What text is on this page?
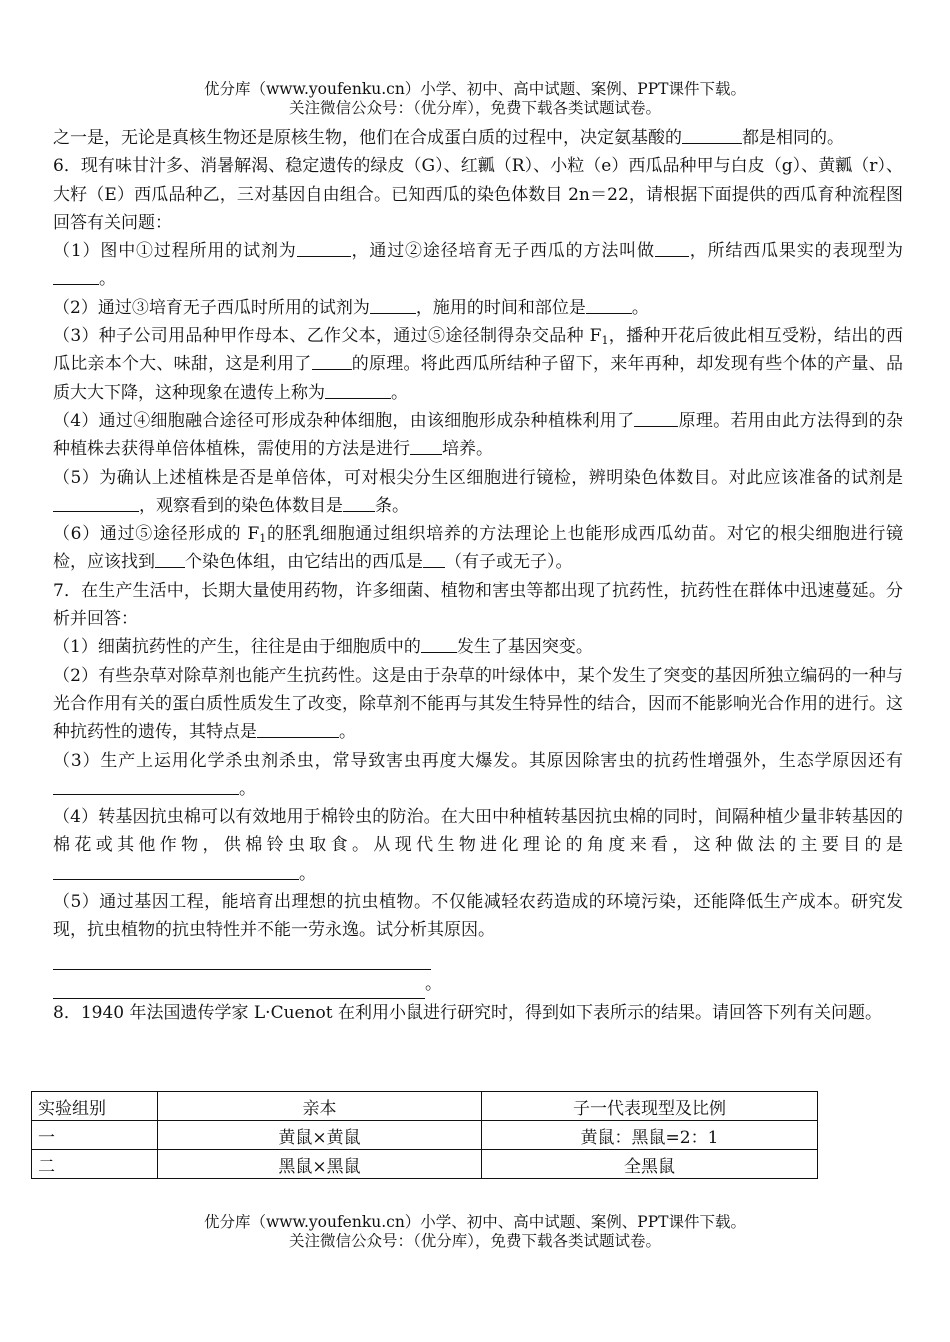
优分库（www.youfenku.cn）小学、初中、高中试题、案例、PPT课件下载。
关注微信公众号：（优分库），免费下载各类试题试卷。

之一是，无论是真核生物还是原核生物，他们在合成蛋白质的过程中，决定氨基酸的	都是相同的。

6．现有味甘汁多、消暑解渴、稳定遗传的绿皮（G）、红瓤（R）、小粒（e）西瓜品种甲与白皮（g）、黄瓤（r）、大籽（E）西瓜品种乙，三对基因自由组合。已知西瓜的染色体数目 2n＝22，请根据下面提供的西瓜育种流程图回答有关问题：

（1）图中①过程所用的试剂为	，通过②途径培育无子西瓜的方法叫做 ，所结西瓜果实的表现型为。

（2）通过③培育无子西瓜时所用的试剂为	，施用的时间和部位是	。

（3）种子公司用品种甲作母本、乙作父本，通过⑤途径制得杂交品种 $F_1$，播种开花后彼此相互受粉，结出的西瓜比亲本个大、味甜，这是利用了 的原理。将此西瓜所结种子留下，来年再种，却发现有些个体的产量、品质大大下降，这种现象在遗传上称为	。

（4）通过④细胞融合途径可形成杂种体细胞，由该细胞形成杂种植株利用了	原理。若用由此方法得到的杂种植株去获得单倍体植株，需使用的方法是进行 培养。

（5）为确认上述植株是否是单倍体，可对根尖分生区细胞进行镜检，辨明染色体数目。对此应该准备的试剂是，观察看到的染色体数目是 条。

（6）通过⑤途径形成的 $F_1$的胚乳细胞通过组织培养的方法理论上也能形成西瓜幼苗。对它的根尖细胞进行镜检，应该找到 个染色体组，由它结出的西瓜是 （有子或无子）。

7．在生产生活中，长期大量使用药物，许多细菌、植物和害虫等都出现了抗药性，抗药性在群体中迅速蔓延。分析并回答：

（1）细菌抗药性的产生，往往是由于细胞质中的 发生了基因突变。

（2）有些杂草对除草剂也能产生抗药性。这是由于杂草的叶绿体中，某个发生了突变的基因所独立编码的一种与光合作用有关的蛋白质性质发生了改变，除草剂不能再与其发生特异性的结合，因而不能影响光合作用的进行。这种抗药性的遗传，其特点是	。

（3）生产上运用化学杀虫剂杀虫，常导致害虫再度大爆发。其原因除害虫的抗药性增强外，生态学原因还有。

（4）转基因抗虫棉可以有效地用于棉铃虫的防治。在大田中种植转基因抗虫棉的同时，间隔种植少量非转基因的棉花或其他作物，供棉铃虫取食。从现代生物进化理论的角度来看，这种做法的主要目的是。

（5）通过基因工程，能培育出理想的抗虫植物。不仅能减轻农药造成的环境污染，还能降低生产成本。研究发现，抗虫植物的抗虫特性并不能一劳永逸。试分析其原因。

。

8．1940 年法国遗传学家 L·Cuenot 在利用小鼠进行研究时，得到如下表所示的结果。请回答下列有关问题。

实验组别	亲本	子一代表现型及比例
一	黄鼠×黄鼠	黄鼠：黑鼠=2：1
二	黑鼠×黑鼠	全黑鼠
优分库（www.youfenku.cn）小学、初中、高中试题、案例、PPT课件下载。
关注微信公众号：（优分库），免费下载各类试题试卷。
